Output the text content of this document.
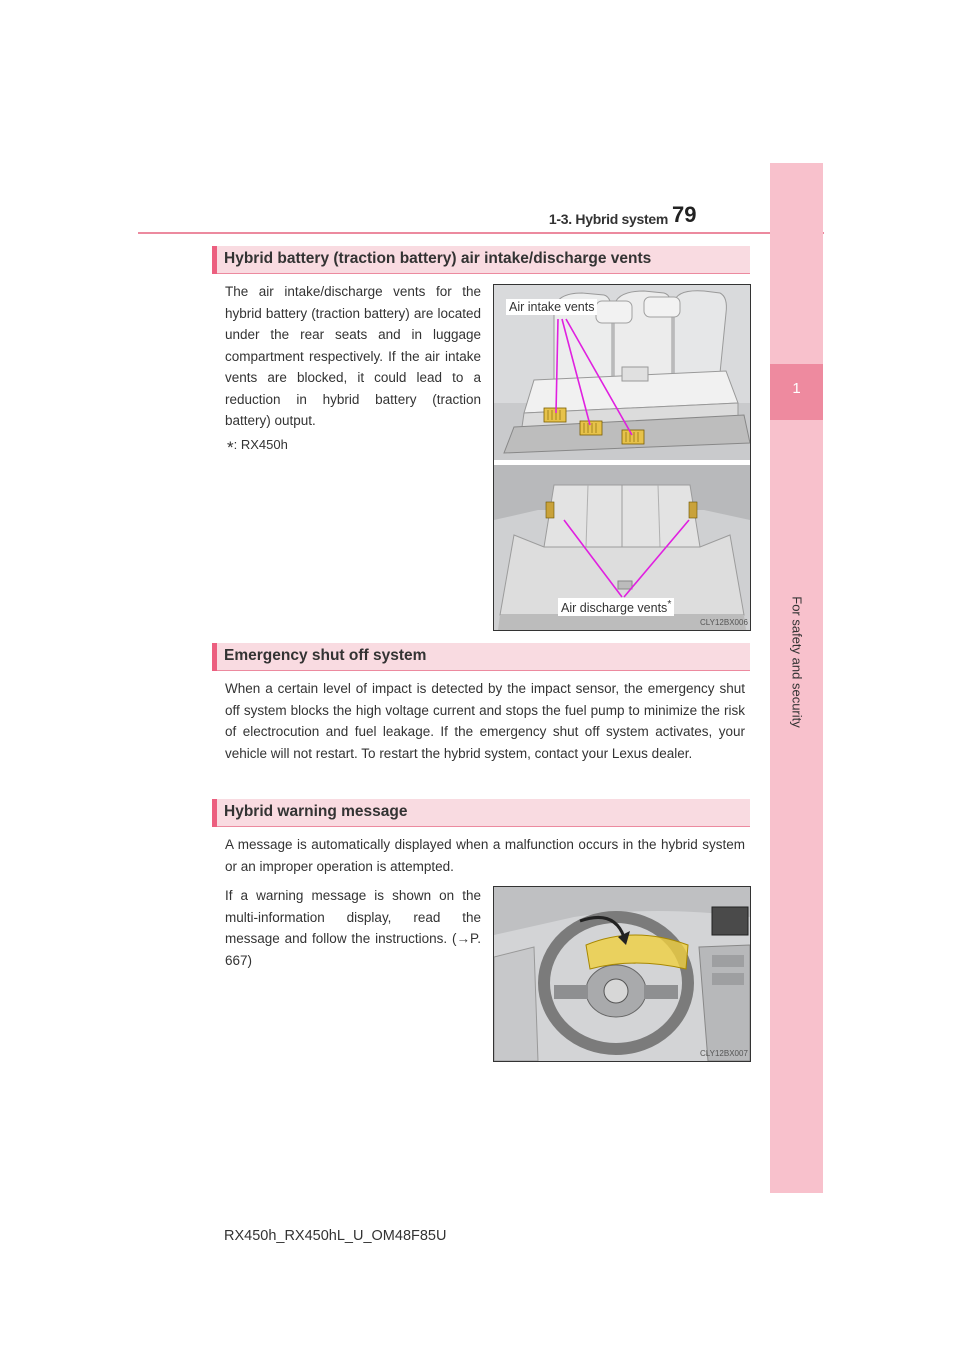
1-3. Hybrid system 79
1
For safety and security
Hybrid battery (traction battery) air intake/discharge vents
The air intake/discharge vents for the hybrid battery (traction battery) are located under the rear seats and in luggage compartment respectively. If the air intake vents are blocked, it could lead to a reduction in hybrid battery (traction battery) output.
*: RX450h
Air intake vents
Air discharge vents*
CLY12BX006
Emergency shut off system
When a certain level of impact is detected by the impact sensor, the emergency shut off system blocks the high voltage current and stops the fuel pump to minimize the risk of electrocution and fuel leakage. If the emergency shut off system activates, your vehicle will not restart. To restart the hybrid system, contact your Lexus dealer.
Hybrid warning message
A message is automatically displayed when a malfunction occurs in the hybrid system or an improper operation is attempted.
If a warning message is shown on the multi-information display, read the message and follow the instructions. (→P. 667)
CLY12BX007
RX450h_RX450hL_U_OM48F85U
